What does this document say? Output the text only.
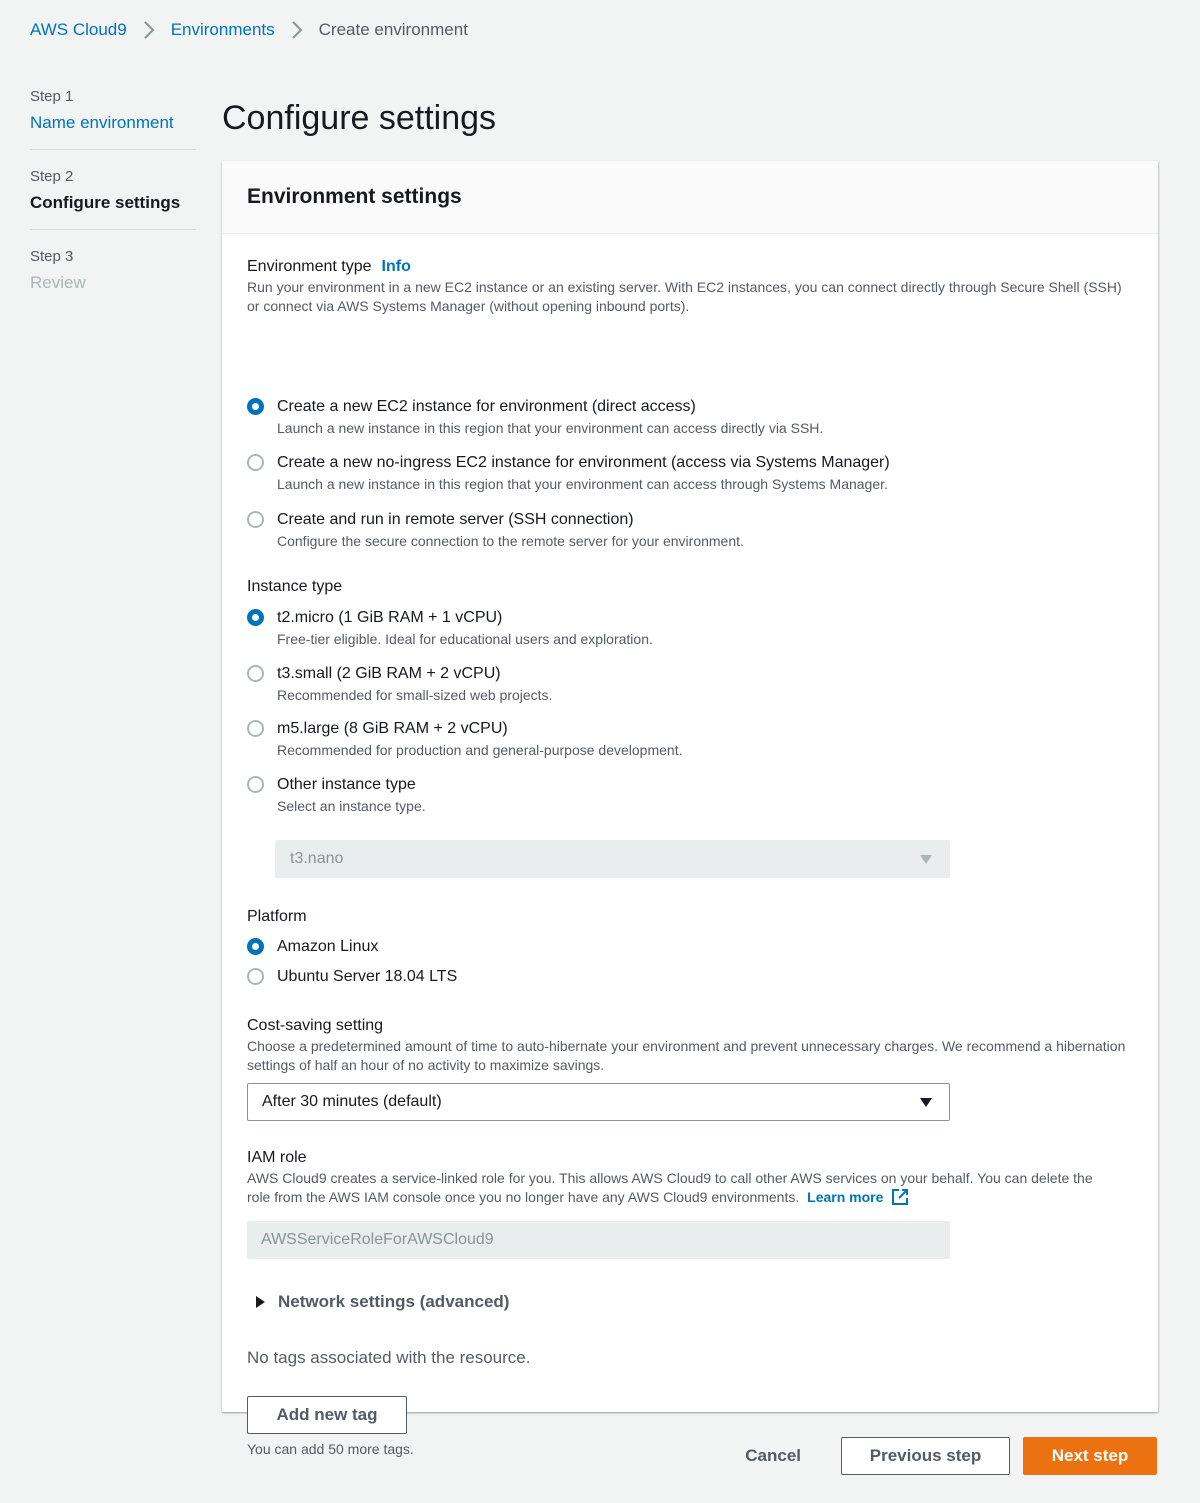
AWS Cloud9	Environments	Create environment
Step 1
Name environment
Step 2
Configure settings
Step 3
Review
Configure settings
Environment settings
Environment type Info
Run your environment in a new EC2 instance or an existing server. With EC2 instances, you can connect directly through Secure Shell (SSH) or connect via AWS Systems Manager (without opening inbound ports).
Create a new EC2 instance for environment (direct access)
Launch a new instance in this region that your environment can access directly via SSH.
Create a new no-ingress EC2 instance for environment (access via Systems Manager)
Launch a new instance in this region that your environment can access through Systems Manager.
Create and run in remote server (SSH connection)
Configure the secure connection to the remote server for your environment.
Instance type
t2.micro (1 GiB RAM + 1 vCPU)
Free-tier eligible. Ideal for educational users and exploration.
t3.small (2 GiB RAM + 2 vCPU)
Recommended for small-sized web projects.
m5.large (8 GiB RAM + 2 vCPU)
Recommended for production and general-purpose development.
Other instance type
Select an instance type.
t3.nano
Platform
Amazon Linux
Ubuntu Server 18.04 LTS
Cost-saving setting
Choose a predetermined amount of time to auto-hibernate your environment and prevent unnecessary charges. We recommend a hibernation settings of half an hour of no activity to maximize savings.
After 30 minutes (default)
IAM role
AWS Cloud9 creates a service-linked role for you. This allows AWS Cloud9 to call other AWS services on your behalf. You can delete the role from the AWS IAM console once you no longer have any AWS Cloud9 environments. Learn more
AWSServiceRoleForAWSCloud9
Network settings (advanced)
No tags associated with the resource.
Add new tag
You can add 50 more tags.	Cancel	Previous step	Next step
